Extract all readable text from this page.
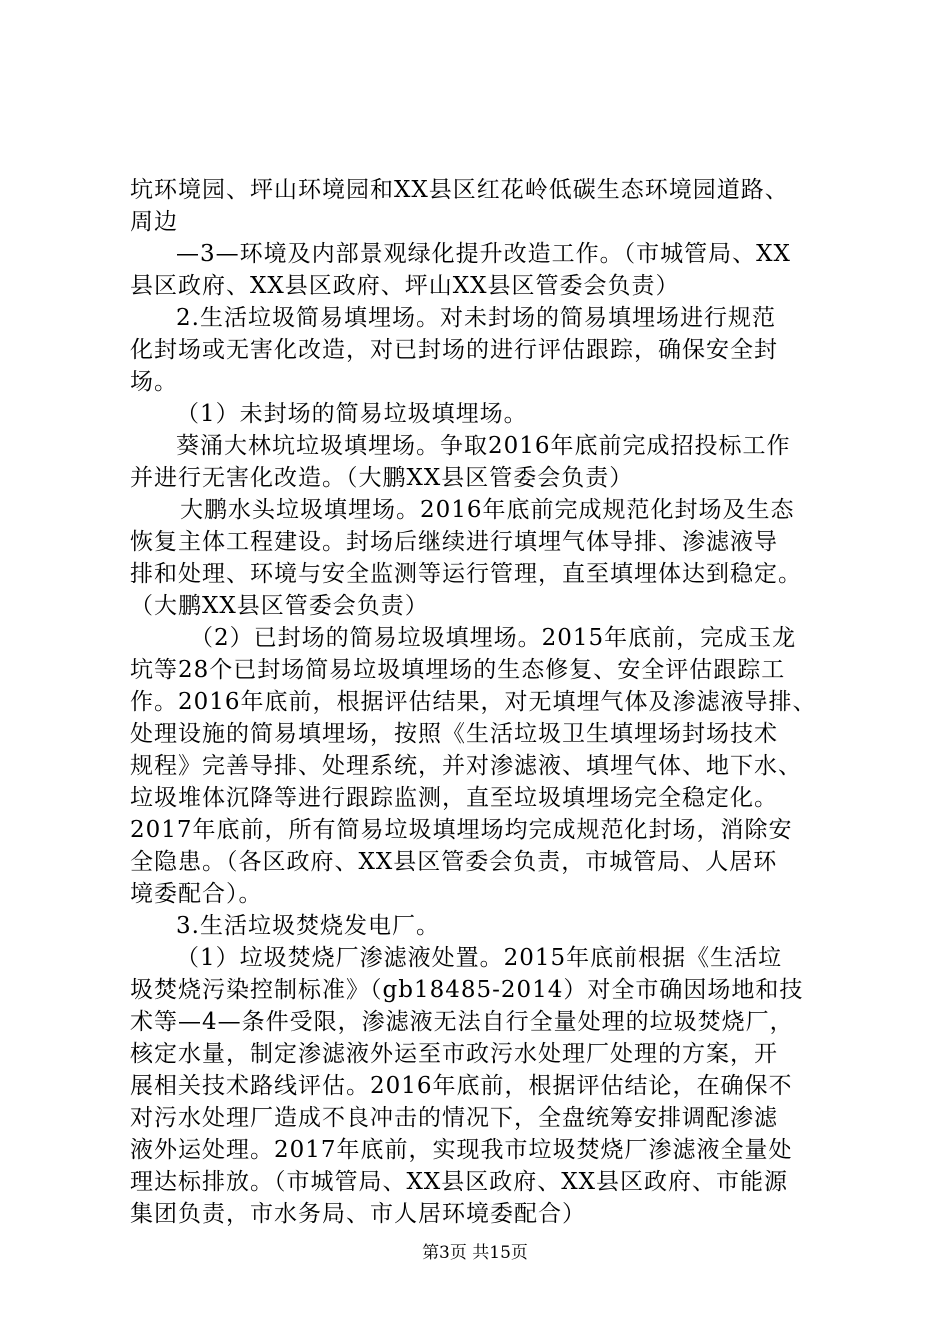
坑环境园、坪山环境园和XX县区红花岭低碳生态环境园道路、
周边
—3—环境及内部景观绿化提升改造工作。（市城管局、XX
县区政府、XX县区政府、坪山XX县区管委会负责）
2.生活垃圾简易填埋场。对未封场的简易填埋场进行规范
化封场或无害化改造，对已封场的进行评估跟踪，确保安全封
场。
（1）未封场的简易垃圾填埋场。
葵涌大林坑垃圾填埋场。争取2016年底前完成招投标工作
并进行无害化改造。（大鹏XX县区管委会负责）
大鹏水头垃圾填埋场。2016年底前完成规范化封场及生态
恢复主体工程建设。封场后继续进行填埋气体导排、渗滤液导
排和处理、环境与安全监测等运行管理，直至填埋体达到稳定。
（大鹏XX县区管委会负责）
（2）已封场的简易垃圾填埋场。2015年底前，完成玉龙
坑等28个已封场简易垃圾填埋场的生态修复、安全评估跟踪工
作。2016年底前，根据评估结果，对无填埋气体及渗滤液导排、
处理设施的简易填埋场，按照《生活垃圾卫生填埋场封场技术
规程》完善导排、处理系统，并对渗滤液、填埋气体、地下水、
垃圾堆体沉降等进行跟踪监测，直至垃圾填埋场完全稳定化。
2017年底前，所有简易垃圾填埋场均完成规范化封场，消除安
全隐患。（各区政府、XX县区管委会负责，市城管局、人居环
境委配合）。
3.生活垃圾焚烧发电厂。
（1）垃圾焚烧厂渗滤液处置。2015年底前根据《生活垃
圾焚烧污染控制标准》（gb18485-2014）对全市确因场地和技
术等—4—条件受限，渗滤液无法自行全量处理的垃圾焚烧厂，
核定水量，制定渗滤液外运至市政污水处理厂处理的方案，开
展相关技术路线评估。2016年底前，根据评估结论，在确保不
对污水处理厂造成不良冲击的情况下，全盘统筹安排调配渗滤
液外运处理。2017年底前，实现我市垃圾焚烧厂渗滤液全量处
理达标排放。（市城管局、XX县区政府、XX县区政府、市能源
集团负责，市水务局、市人居环境委配合）
第3页 共15页
